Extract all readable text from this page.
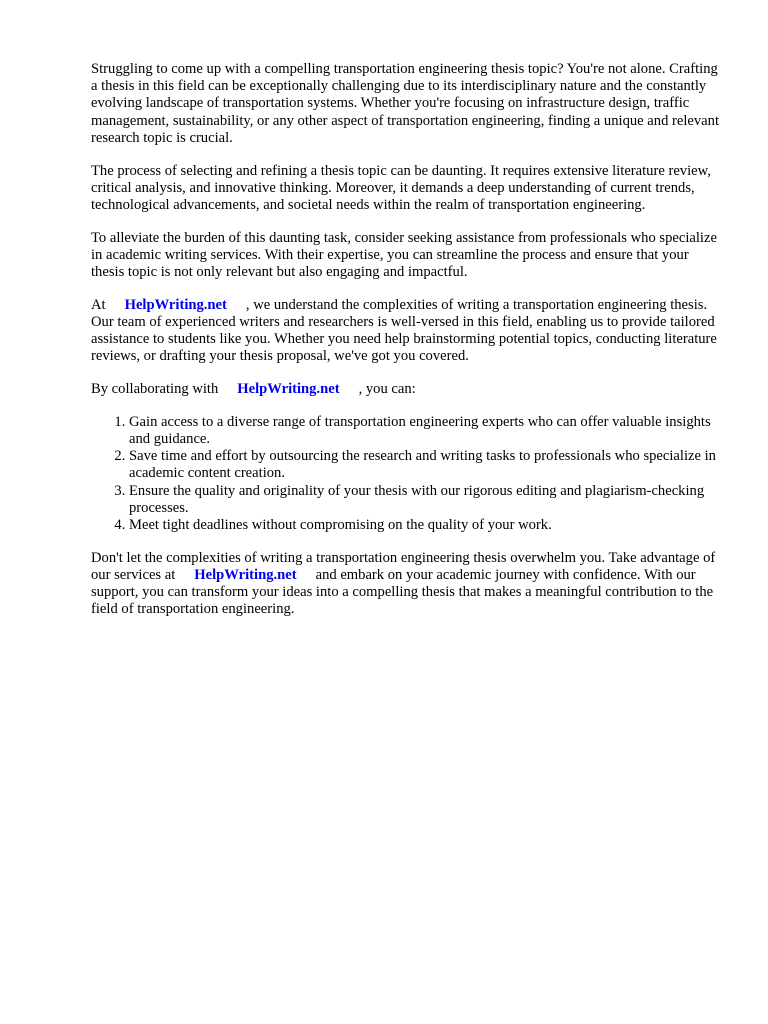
Struggling to come up with a compelling transportation engineering thesis topic? You're not alone. Crafting a thesis in this field can be exceptionally challenging due to its interdisciplinary nature and the constantly evolving landscape of transportation systems. Whether you're focusing on infrastructure design, traffic management, sustainability, or any other aspect of transportation engineering, finding a unique and relevant research topic is crucial.

The process of selecting and refining a thesis topic can be daunting. It requires extensive literature review, critical analysis, and innovative thinking. Moreover, it demands a deep understanding of current trends, technological advancements, and societal needs within the realm of transportation engineering.

To alleviate the burden of this daunting task, consider seeking assistance from professionals who specialize in academic writing services. With their expertise, you can streamline the process and ensure that your thesis topic is not only relevant but also engaging and impactful.

At HelpWriting.net , we understand the complexities of writing a transportation engineering thesis. Our team of experienced writers and researchers is well-versed in this field, enabling us to provide tailored assistance to students like you. Whether you need help brainstorming potential topics, conducting literature reviews, or drafting your thesis proposal, we've got you covered.

By collaborating with HelpWriting.net , you can:

1. Gain access to a diverse range of transportation engineering experts who can offer valuable insights and guidance.
2. Save time and effort by outsourcing the research and writing tasks to professionals who specialize in academic content creation.
3. Ensure the quality and originality of your thesis with our rigorous editing and plagiarism-checking processes.
4. Meet tight deadlines without compromising on the quality of your work.

Don't let the complexities of writing a transportation engineering thesis overwhelm you. Take advantage of our services at HelpWriting.net and embark on your academic journey with confidence. With our support, you can transform your ideas into a compelling thesis that makes a meaningful contribution to the field of transportation engineering.
